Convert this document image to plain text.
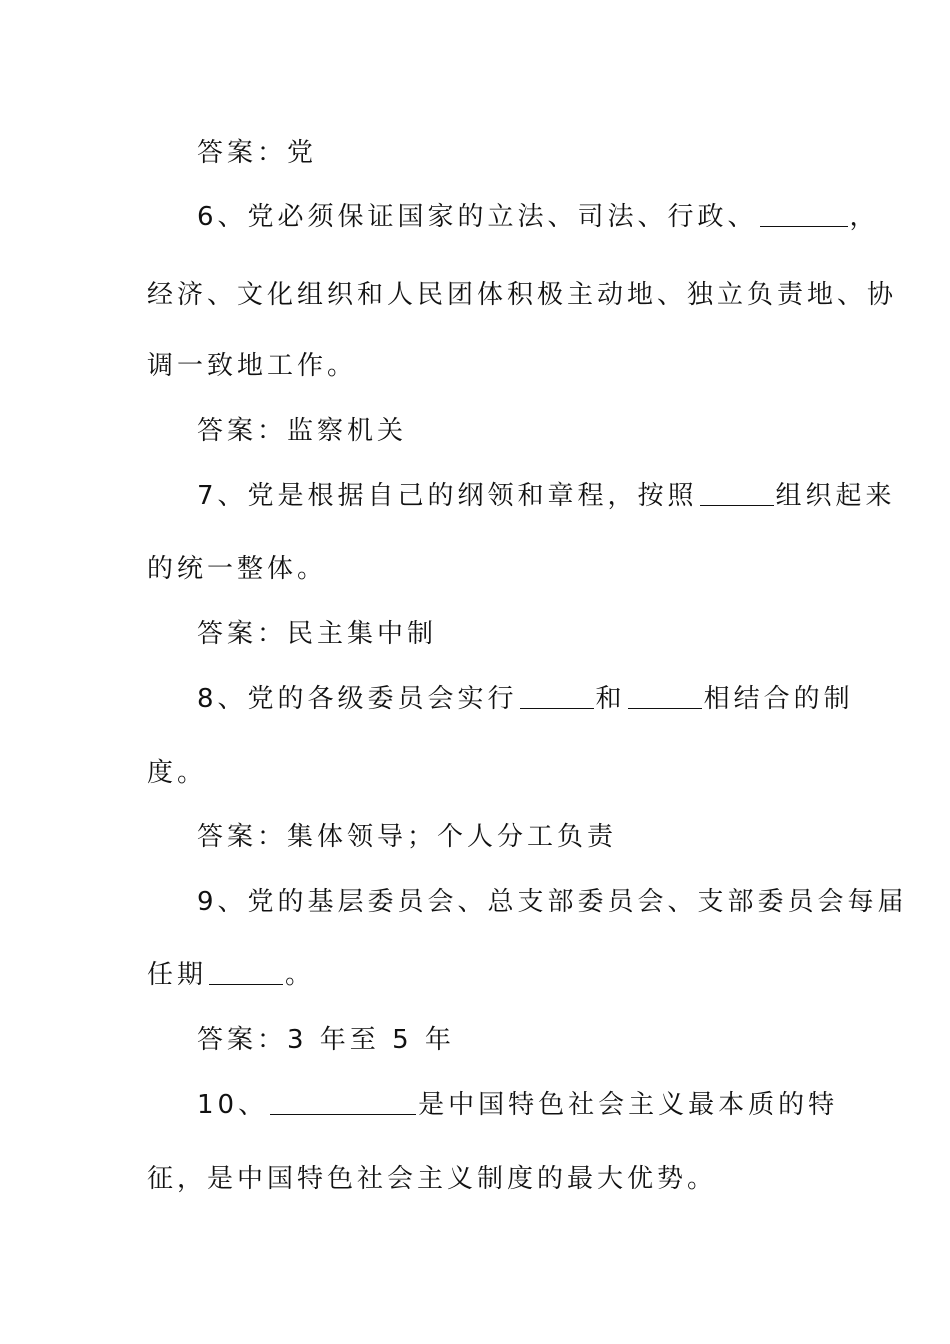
答案：党
6、党必须保证国家的立法、司法、行政、	，
经济、文化组织和人民团体积极主动地、独立负责地、协
调一致地工作。
答案：监察机关
7、党是根据自己的纲领和章程，按照	组织起来
的统一整体。
答案：民主集中制
8、党的各级委员会实行	和	相结合的制
度。
答案：集体领导；个人分工负责
9、党的基层委员会、总支部委员会、支部委员会每届
任期	。
答案：3 年至 5 年
10、	是中国特色社会主义最本质的特
征，是中国特色社会主义制度的最大优势。
